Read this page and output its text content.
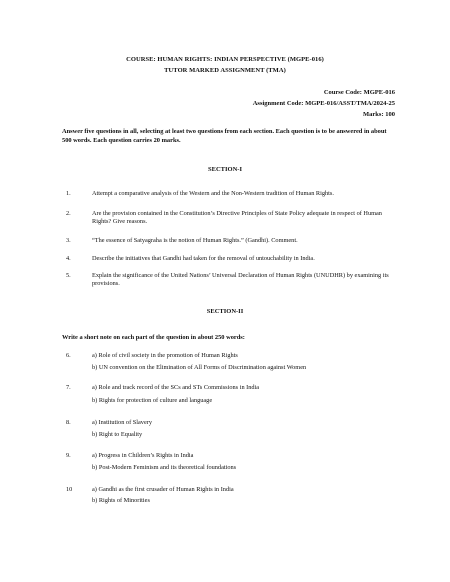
COURSE: HUMAN RIGHTS: INDIAN PERSPECTIVE (MGPE-016)
TUTOR MARKED ASSIGNMENT (TMA)
Course Code: MGPE-016
Assignment Code: MGPE-016/ASST/TMA/2024-25
Marks: 100
Answer five questions in all, selecting at least two questions from each section. Each question is to be answered in about 500 words. Each question carries 20 marks.
SECTION-I
1.	Attempt a comparative analysis of the Western and the Non-Western tradition of Human Rights.
2.	Are the provision contained in the Constitution’s Directive Principles of State Policy adequate in respect of Human Rights? Give reasons.
3.	“The essence of Satyagraha is the notion of Human Rights.” (Gandhi). Comment.
4.	Describe the initiatives that Gandhi had taken for the removal of untouchability in India.
5.	Explain the significance of the United Nations’ Universal Declaration of Human Rights (UNUDHR) by examining its provisions.
SECTION-II
Write a short note on each part of the question in about 250 words:
6.	a) Role of civil society in the promotion of Human Rights
b) UN convention on the Elimination of All Forms of Discrimination against Women
7.	a) Role and track record of the SCs and STs Commissions in India
b) Rights for protection of culture and language
8.	a) Institution of Slavery
b) Right to Equality
9.	a) Progress in Children’s Rights in India
b) Post-Modern Feminism and its theoretical foundations
10	a) Gandhi as the first crusader of Human Rights in India
b) Rights of Minorities
